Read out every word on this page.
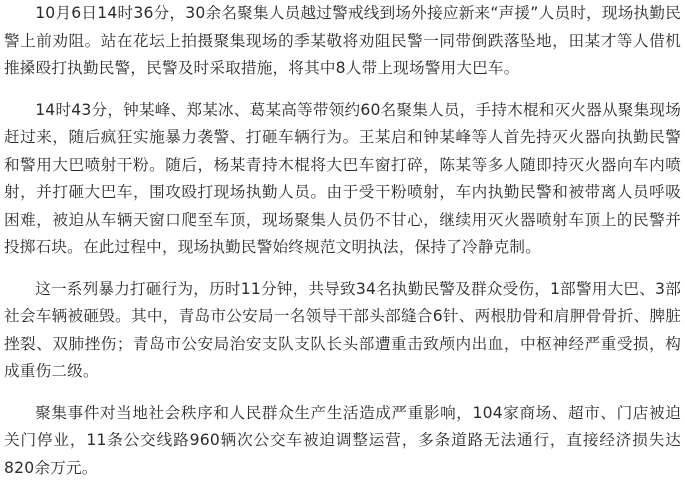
10月6日14时36分，30余名聚集人员越过警戒线到场外接应新来“声援”人员时，现场执勤民警上前劝阻。站在花坛上拍摄聚集现场的季某敬将劝阻民警一同带倒跌落坠地，田某才等人借机推搡殴打执勤民警，民警及时采取措施，将其中8人带上现场警用大巴车。

14时43分，钟某峰、郑某冰、葛某高等带领约60名聚集人员，手持木棍和灭火器从聚集现场赶过来，随后疯狂实施暴力袭警、打砸车辆行为。王某启和钟某峰等人首先持灭火器向执勤民警和警用大巴喷射干粉。随后，杨某青持木棍将大巴车窗打碎，陈某等多人随即持灭火器向车内喷射，并打砸大巴车，围攻殴打现场执勤人员。由于受干粉喷射，车内执勤民警和被带离人员呼吸困难，被迫从车辆天窗口爬至车顶，现场聚集人员仍不甘心，继续用灭火器喷射车顶上的民警并投掷石块。在此过程中，现场执勤民警始终规范文明执法，保持了冷静克制。

这一系列暴力打砸行为，历时11分钟，共导致34名执勤民警及群众受伤，1部警用大巴、3部社会车辆被砸毁。其中，青岛市公安局一名领导干部头部缝合6针、两根肋骨和肩胛骨骨折、脾脏挫裂、双肺挫伤；青岛市公安局治安支队支队长头部遭重击致颅内出血，中枢神经严重受损，构成重伤二级。

聚集事件对当地社会秩序和人民群众生产生活造成严重影响，104家商场、超市、门店被迫关门停业，11条公交线路960辆次公交车被迫调整运营，多条道路无法通行，直接经济损失达820余万元。
